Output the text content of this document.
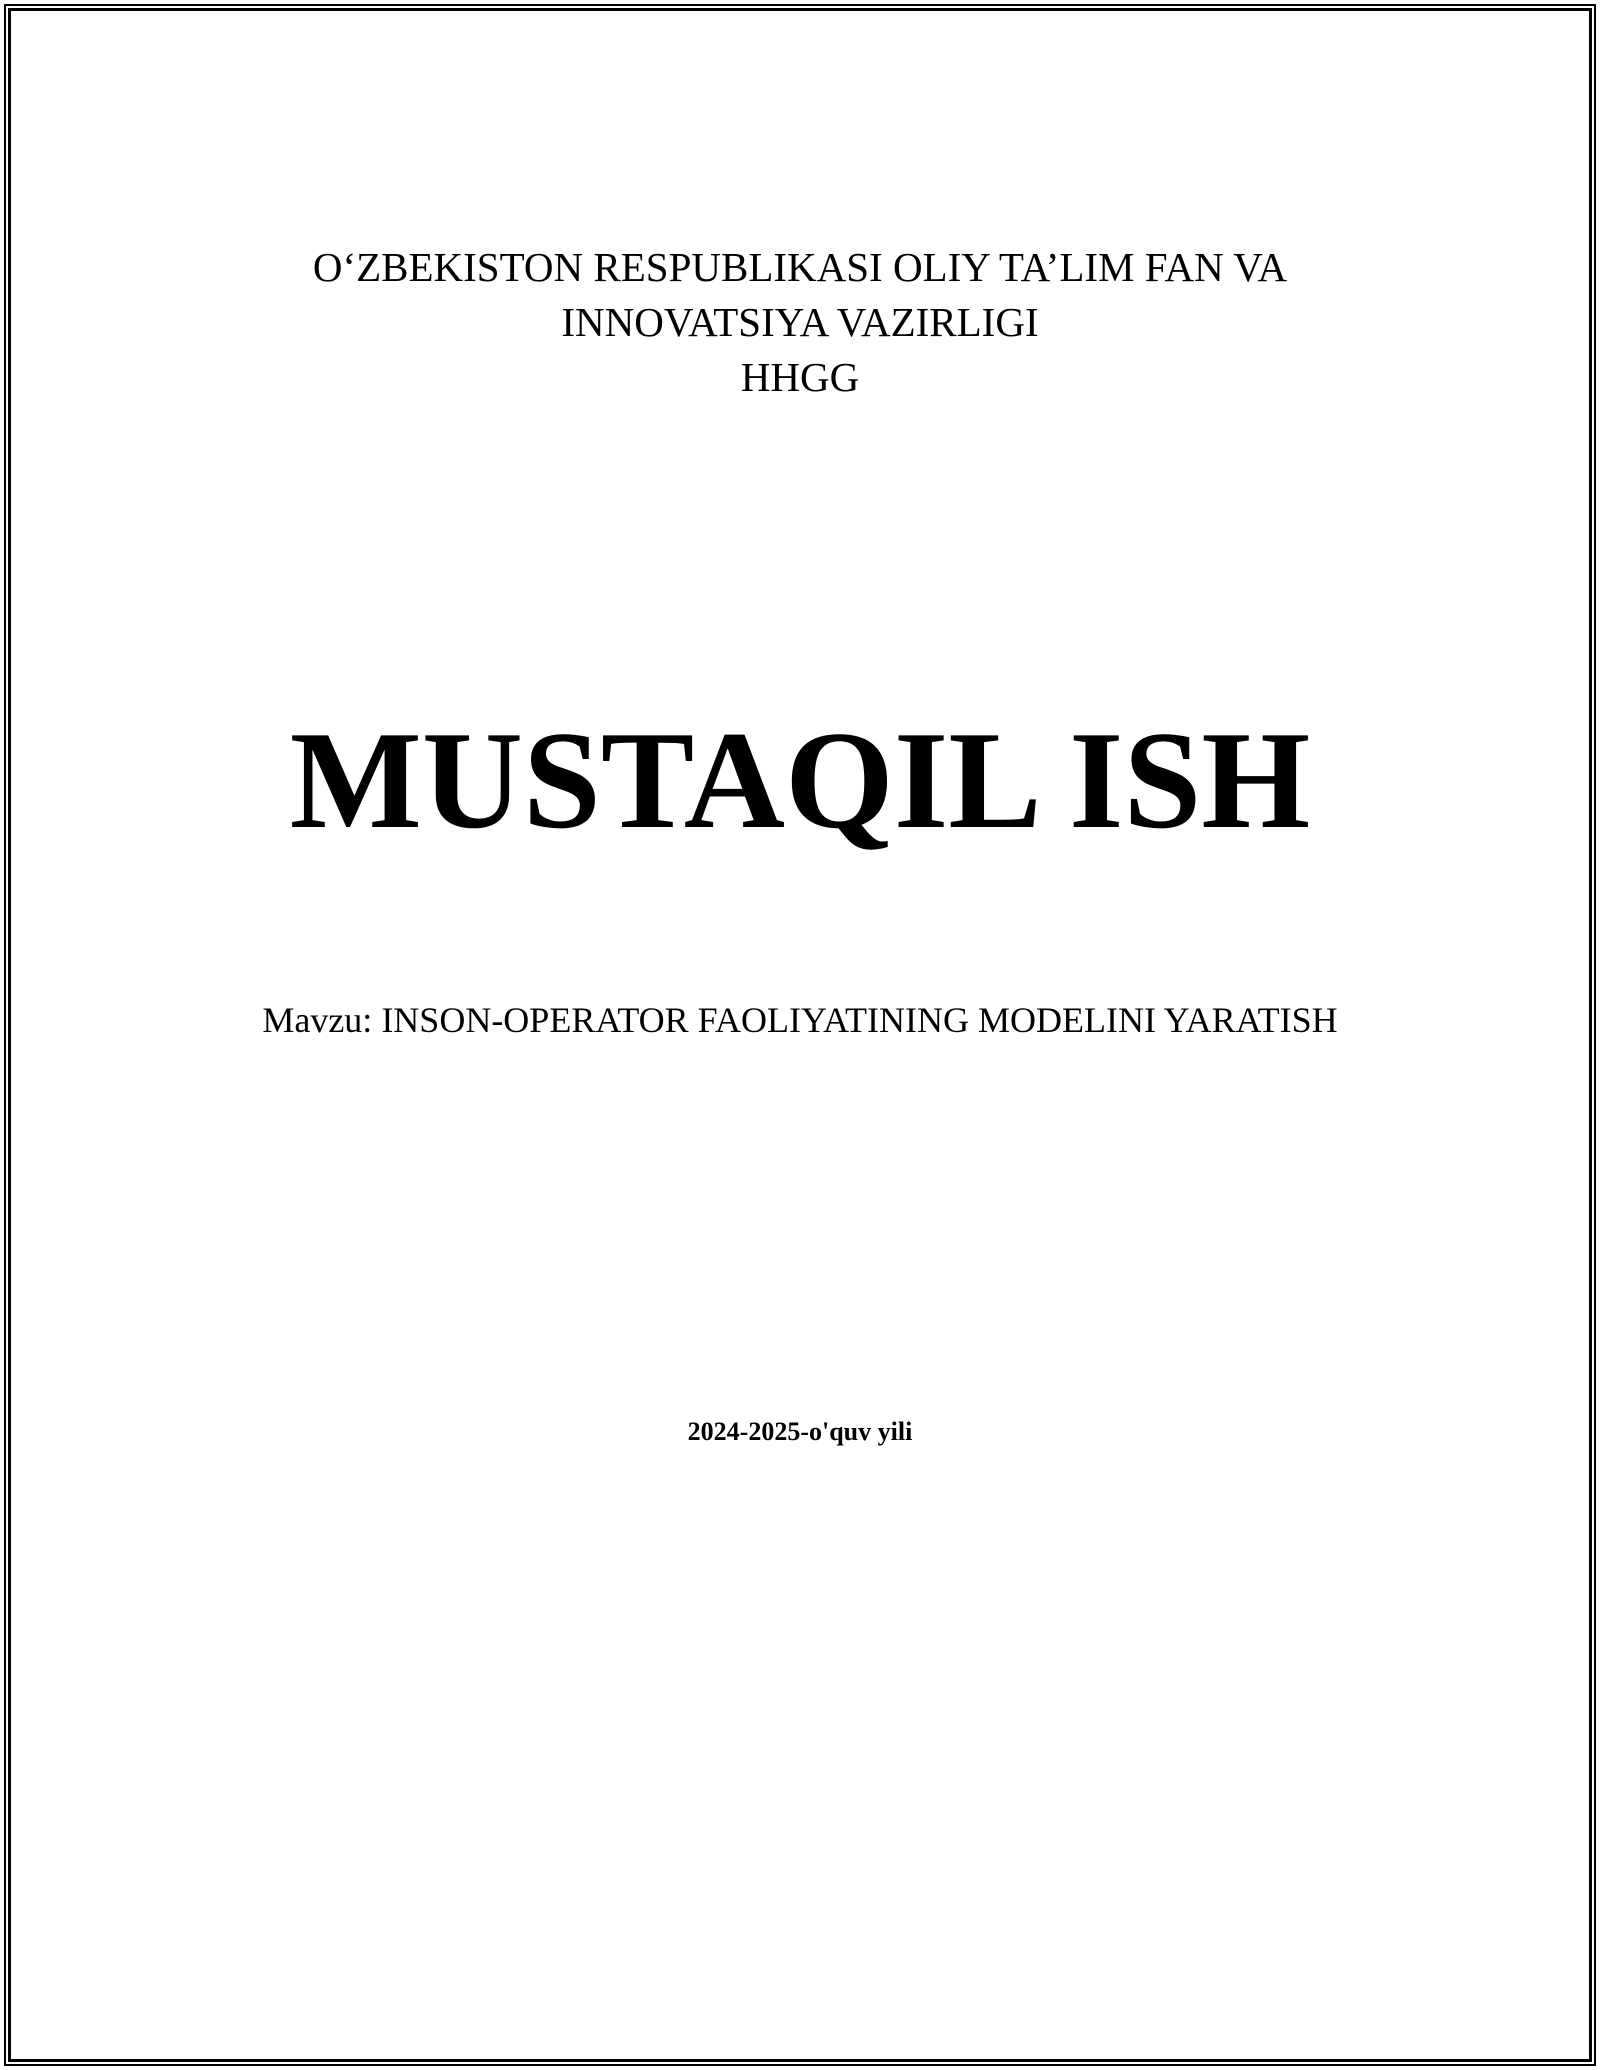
O‘ZBEKISTON RESPUBLIKASI OLIY TA’LIM FAN VA
INNOVATSIYA VAZIRLIGI
HHGG
MUSTAQIL ISH
Mavzu: INSON-OPERATOR FAOLIYATINING MODELINI YARATISH
2024-2025-o'quv yili
